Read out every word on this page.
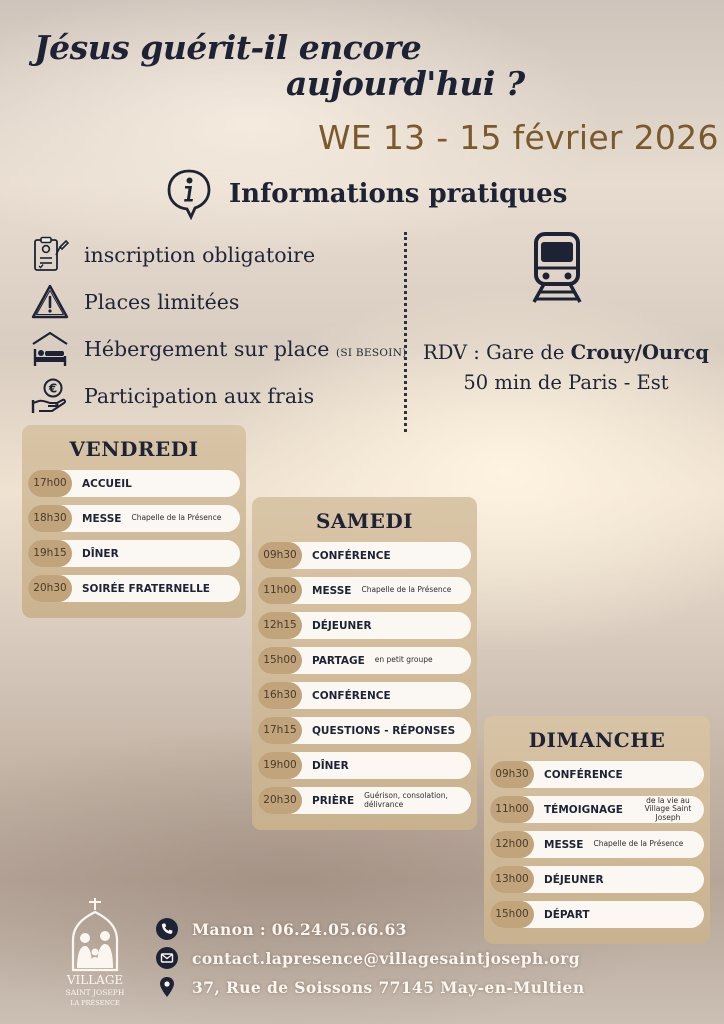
Jésus guérit-il encore
aujourd'hui ?
WE 13 - 15 février 2026
Informations pratiques
inscription obligatoire
Places limitées
Hébergement sur place (SI BESOIN)
€ Participation aux frais
RDV : Gare de Crouy/Ourcq
50 min de Paris - Est
VENDREDI
17h00	ACCUEIL
18h30	MESSE Chapelle de la Présence
19h15	DÎNER
20h30	SOIRÉE FRATERNELLE
SAMEDI
09h30	CONFÉRENCE
11h00	MESSE Chapelle de la Présence
12h15	DÉJEUNER
15h00	PARTAGE en petit groupe
16h30	CONFÉRENCE
17h15	QUESTIONS - RÉPONSES
19h00	DÎNER
20h30	PRIÈRE Guérison, consolation, délivrance
DIMANCHE
09h30	CONFÉRENCE
11h00	TÉMOIGNAGE
de la vie au Village Saint Joseph
12h00	MESSE Chapelle de la Présence
13h00	DÉJEUNER
15h00	DÉPART
VILLAGE
SAINT JOSEPH
LA PRÉSENCE
Manon : 06.24.05.66.63
contact.lapresence@villagesaintjoseph.org
37, Rue de Soissons 77145 May-en-Multien
